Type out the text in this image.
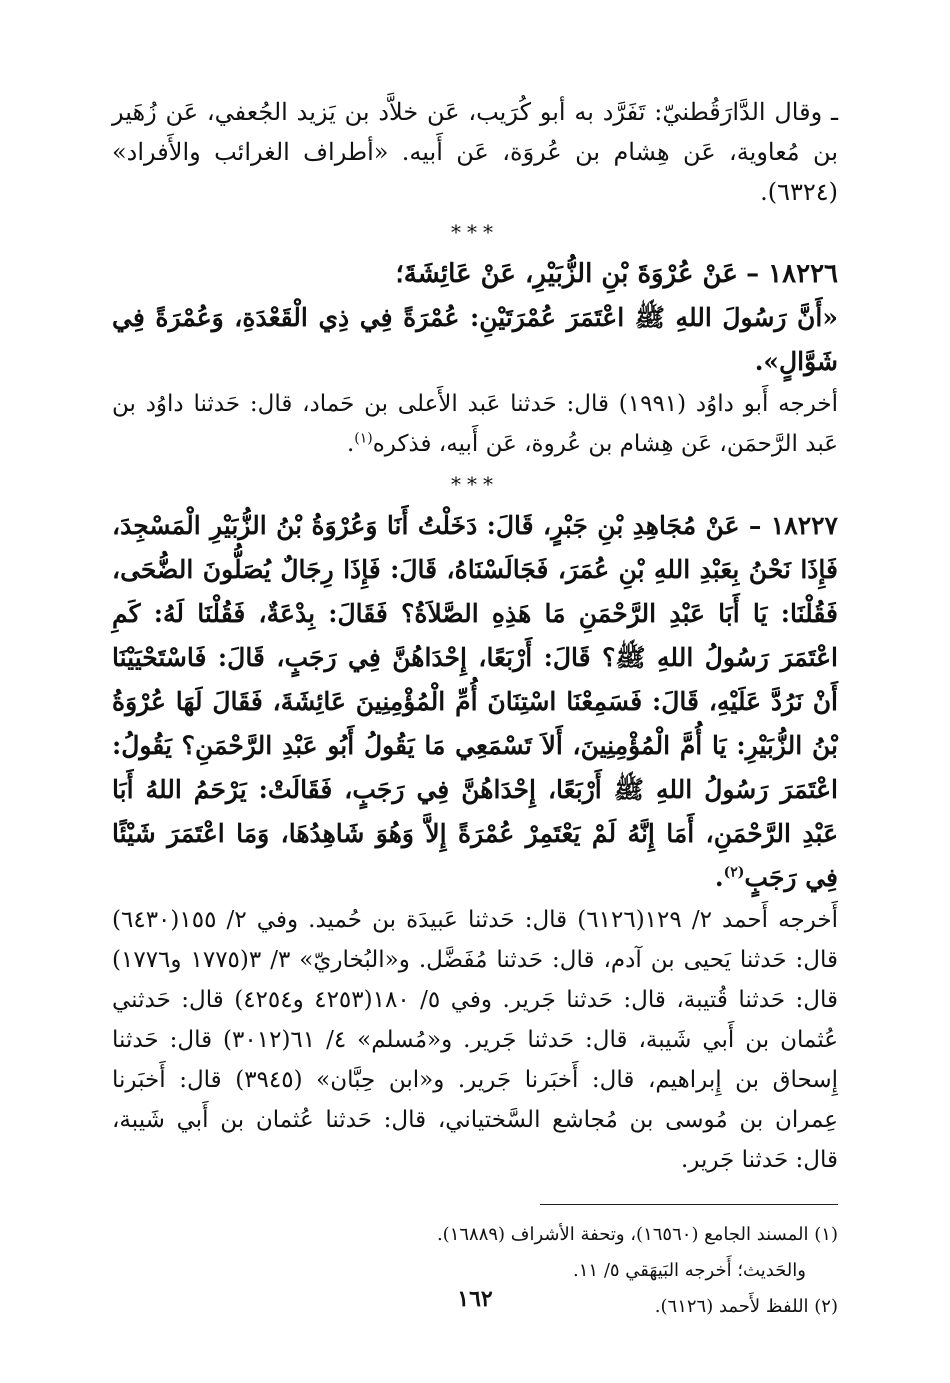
ـ وقال الدَّارَقُطنيّ: تَفَرَّد به أبو كُرَيب، عَن خلاَّد بن يَزيد الجُعفي، عَن زُهَير بن مُعاوية، عَن هِشام بن عُروَة، عَن أَبيه. «أطراف الغرائب والأَفراد» (٦٣٢٤).

***

١٨٢٢٦ – عَنْ عُرْوَةَ بْنِ الزُّبَيْرِ، عَنْ عَائِشَةَ؛

«أَنَّ رَسُولَ اللهِ ﷺ اعْتَمَرَ عُمْرَتَيْنِ: عُمْرَةً فِي ذِي الْقَعْدَةِ، وَعُمْرَةً فِي شَوَّالٍ».

أخرجه أَبو داوُد (١٩٩١) قال: حَدثنا عَبد الأَعلى بن حَماد، قال: حَدثنا داوُد بن عَبد الرَّحمَن، عَن هِشام بن عُروة، عَن أَبيه، فذكره$^{(١)}$.

***

١٨٢٢٧ – عَنْ مُجَاهِدِ بْنِ جَبْرٍ، قَالَ: دَخَلْتُ أَنَا وَعُرْوَةُ بْنُ الزُّبَيْرِ الْمَسْجِدَ، فَإِذَا نَحْنُ بِعَبْدِ اللهِ بْنِ عُمَرَ، فَجَالَسْنَاهُ، قَالَ: فَإِذَا رِجَالٌ يُصَلُّونَ الضُّحَى، فَقُلْنَا: يَا أَبَا عَبْدِ الرَّحْمَنِ مَا هَذِهِ الصَّلاَةُ؟ فَقَالَ: بِدْعَةٌ، فَقُلْنَا لَهُ: كَمِ اعْتَمَرَ رَسُولُ اللهِ ﷺ؟ قَالَ: أَرْبَعًا، إِحْدَاهُنَّ فِي رَجَبٍ، قَالَ: فَاسْتَحْيَيْنَا أَنْ نَرُدَّ عَلَيْهِ، قَالَ: فَسَمِعْنَا اسْتِنَانَ أُمِّ الْمُؤْمِنِينَ عَائِشَةَ، فَقَالَ لَهَا عُرْوَةُ بْنُ الزُّبَيْرِ: يَا أُمَّ الْمُؤْمِنِينَ، أَلاَ تَسْمَعِي مَا يَقُولُ أَبُو عَبْدِ الرَّحْمَنِ؟ يَقُولُ: اعْتَمَرَ رَسُولُ اللهِ ﷺ أَرْبَعًا، إِحْدَاهُنَّ فِي رَجَبٍ، فَقَالَتْ: يَرْحَمُ اللهُ أَبَا عَبْدِ الرَّحْمَنِ، أَمَا إِنَّهُ لَمْ يَعْتَمِرْ عُمْرَةً إِلاَّ وَهُوَ شَاهِدُهَا، وَمَا اعْتَمَرَ شَيْئًا فِي رَجَبٍ$^{(٢)}$.

أَخرجه أَحمد ٢/ ١٢٩(٦١٢٦) قال: حَدثنا عَبيدَة بن حُميد. وفي ٢/ ١٥٥(٦٤٣٠) قال: حَدثنا يَحيى بن آدم، قال: حَدثنا مُفَضَّل. و«البُخاريّ» ٣/ ٣(١٧٧٥ و١٧٧٦) قال: حَدثنا قُتيبة، قال: حَدثنا جَرير. وفي ٥/ ١٨٠(٤٢٥٣ و٤٢٥٤) قال: حَدثني عُثمان بن أَبي شَيبة، قال: حَدثنا جَرير. و«مُسلم» ٤/ ٦١(٣٠١٢) قال: حَدثنا إِسحاق بن إِبراهيم، قال: أَخبَرنا جَرير. و«ابن حِبَّان» (٣٩٤٥) قال: أَخبَرنا عِمران بن مُوسى بن مُجاشع السَّختياني، قال: حَدثنا عُثمان بن أَبي شَيبة، قال: حَدثنا جَرير.

(١) المسند الجامع (١٦٥٦٠)، وتحفة الأشراف (١٦٨٨٩).

والحَديث؛ أَخرجه البَيهَقي ٥/ ١١.

(٢) اللفظ لأَحمد (٦١٢٦).

١٦٢
